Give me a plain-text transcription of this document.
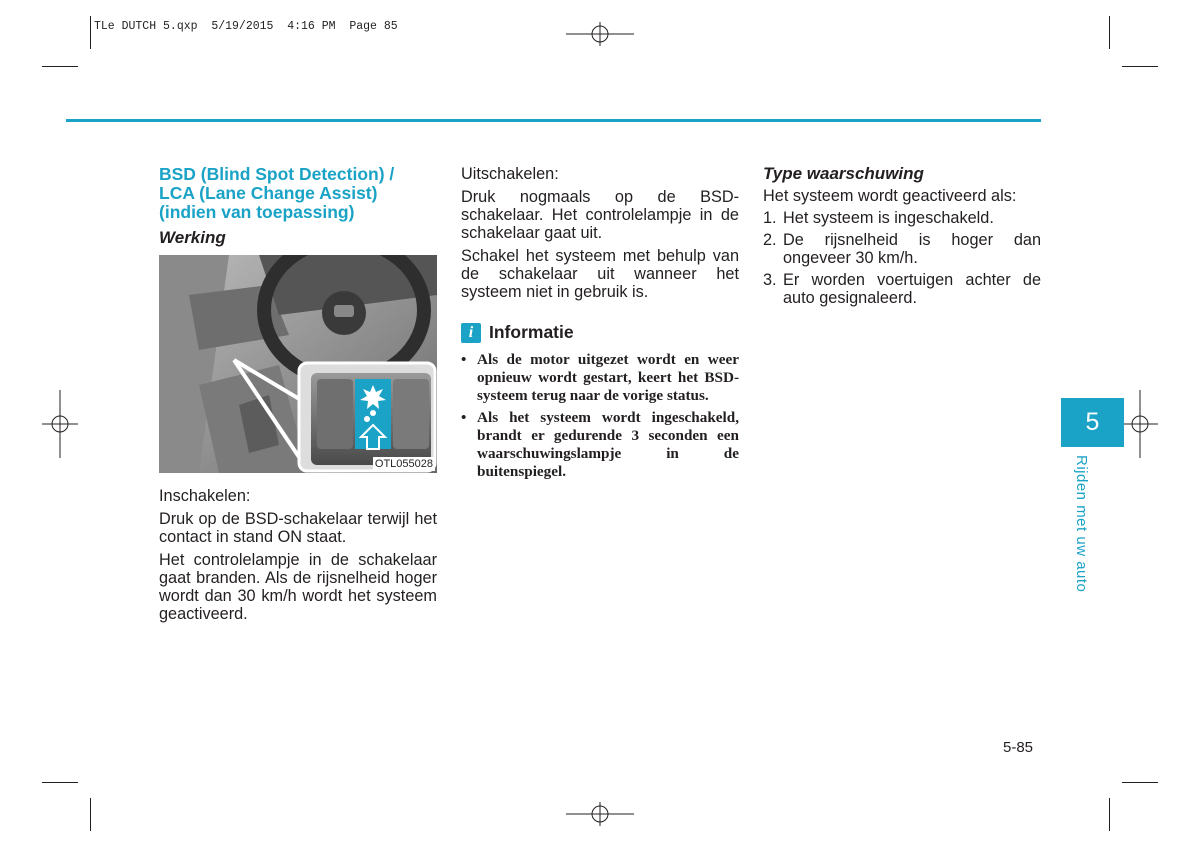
TLe DUTCH 5.qxp  5/19/2015  4:16 PM  Page 85
BSD (Blind Spot Detection) /
LCA (Lane Change Assist)
(indien van toepassing)

Werking

OTL055028

Inschakelen:

Druk op de BSD-schakelaar terwijl het contact in stand ON staat.

Het controlelampje in de schakelaar gaat branden. Als de rijsnelheid hoger wordt dan 30 km/h wordt het systeem geactiveerd.

Uitschakelen:

Druk nogmaals op de BSD-schakelaar. Het controlelampje in de schakelaar gaat uit.

Schakel het systeem met behulp van de schakelaar uit wanneer het systeem niet in gebruik is.

i Informatie
• Als de motor uitgezet wordt en weer opnieuw wordt gestart, keert het BSD-systeem terug naar de vorige status.
• Als het systeem wordt ingeschakeld, brandt er gedurende 3 seconden een waarschuwingslampje in de buitenspiegel.

Type waarschuwing

Het systeem wordt geactiveerd als:

1. Het systeem is ingeschakeld.
2. De rijsnelheid is hoger dan ongeveer 30 km/h.
3. Er worden voertuigen achter de auto gesignaleerd.
5
Rijden met uw auto
5-85
